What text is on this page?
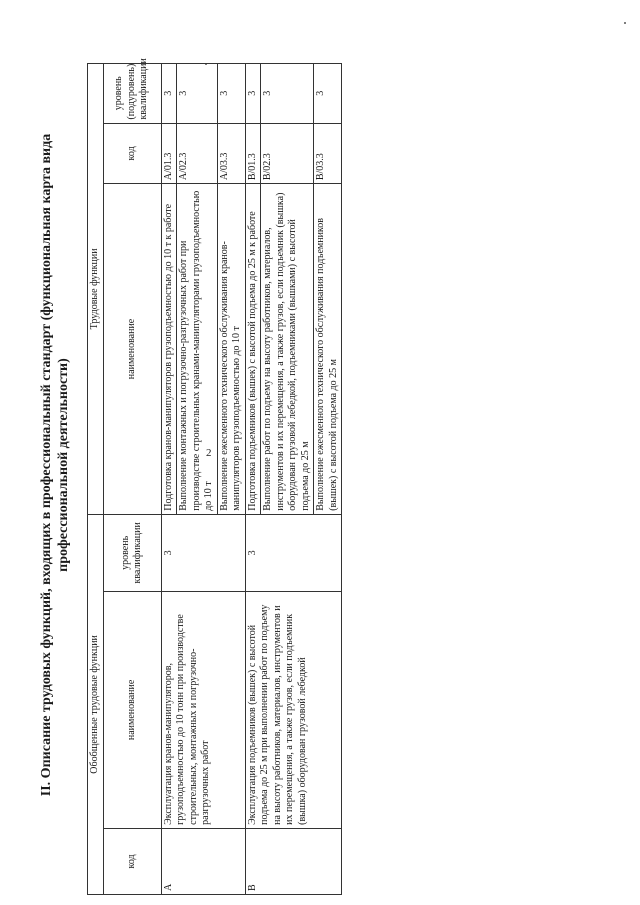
2
II. Описание трудовых функций, входящих в профессиональный стандарт (функциональная карта вида профессиональной деятельности)
Обобщенные трудовые функции			Трудовые функции		
код	наименование	уровень квалификации	наименование	код	уровень (подуровень) квалификации
A	Эксплуатация кранов-манипуляторов, грузоподъемностью до 10 тонн при производстве строительных, монтажных и погрузочно-разгрузочных работ	3	Подготовка кранов-манипуляторов грузоподъемностью до 10 т к работе	A/01.3	3
			Выполнение монтажных и погрузочно-разгрузочных работ при производстве строительных кранами-манипуляторами грузоподъемностью до 10 т	A/02.3	3
			Выполнение ежесменного технического обслуживания кранов-манипуляторов грузоподъемностью до 10 т	A/03.3	3
B	Эксплуатация подъемников (вышек) с высотой подъема до 25 м при выполнении работ по подъему на высоту работников, материалов, инструментов и их перемещения, а также грузов, если подъемник (вышка) оборудован грузовой лебедкой	3	Подготовка подъемников (вышек) с высотой подъема до 25 м к работе	B/01.3	3
			Выполнение работ по подъему на высоту работников, материалов, инструментов и их перемещения, а также грузов, если подъемник (вышка) оборудован грузовой лебедкой, подъемниками (вышками) с высотой подъема до 25 м	B/02.3	3
			Выполнение ежесменного технического обслуживания подъемников (вышек) с высотой подъема до 25 м	B/03.3	3
